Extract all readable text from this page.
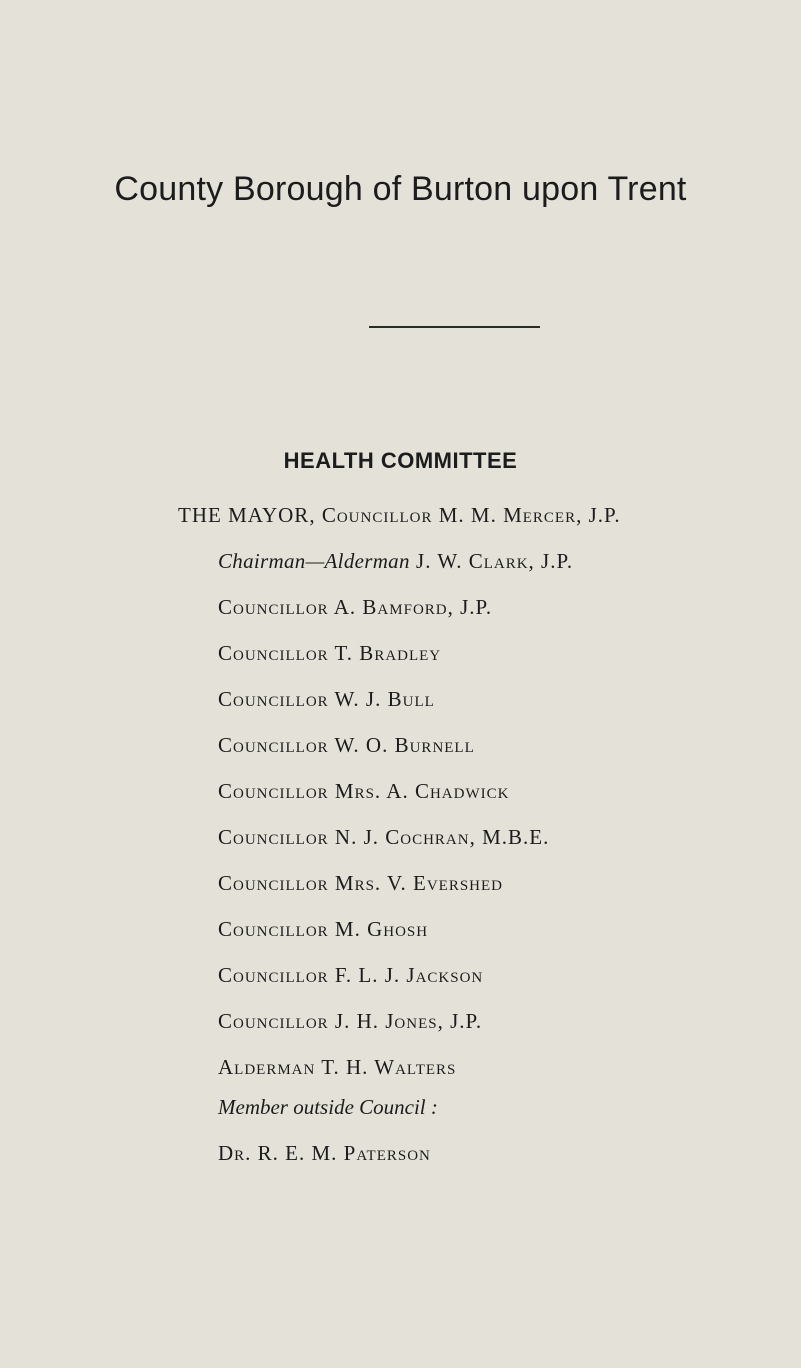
County Borough of Burton upon Trent
HEALTH COMMITTEE
THE MAYOR, Councillor M. M. Mercer, J.P.
Chairman—Alderman J. W. Clark, J.P.
Councillor A. Bamford, J.P.
Councillor T. Bradley
Councillor W. J. Bull
Councillor W. O. Burnell
Councillor Mrs. A. Chadwick
Councillor N. J. Cochran, M.B.E.
Councillor Mrs. V. Evershed
Councillor M. Ghosh
Councillor F. L. J. Jackson
Councillor J. H. Jones, J.P.
Alderman T. H. Walters
Member outside Council :
Dr. R. E. M. Paterson
